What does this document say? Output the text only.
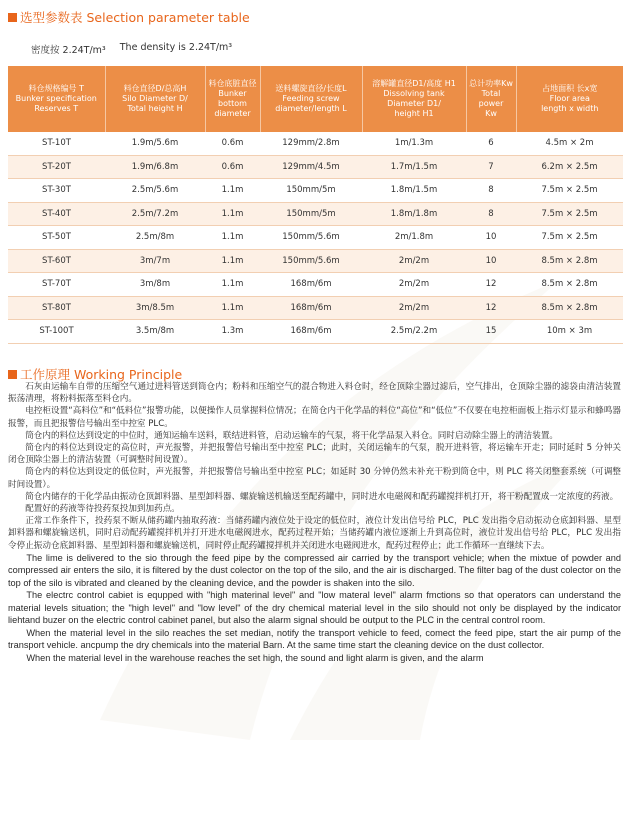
选型参数表 Selection parameter table
密度按 2.24T/m³ The density is 2.24T/m³
料仓规格编号 T
Bunker specification
Reserves T	料仓直径D/总高H
Silo Diameter D/
Total height H	料仓底脏直径
Bunker
bottom
diameter	送料螺旋直径/长度L
Feeding screw
diameter/length L	溶解罐直径D1/高度 H1
Dissolving tank
Diameter D1/
height H1	总计功率Kw
Total power
Kw	占地面积 长x宽
Floor area
length x width
ST-10T	1.9m/5.6m	0.6m	129mm/2.8m	1m/1.3m	6	4.5m × 2m
ST-20T	1.9m/6.8m	0.6m	129mm/4.5m	1.7m/1.5m	7	6.2m × 2.5m
ST-30T	2.5m/5.6m	1.1m	150mm/5m	1.8m/1.5m	8	7.5m × 2.5m
ST-40T	2.5m/7.2m	1.1m	150mm/5m	1.8m/1.8m	8	7.5m × 2.5m
ST-50T	2.5m/8m	1.1m	150mm/5.6m	2m/1.8m	10	7.5m × 2.5m
ST-60T	3m/7m	1.1m	150mm/5.6m	2m/2m	10	8.5m × 2.8m
ST-70T	3m/8m	1.1m	168m/6m	2m/2m	12	8.5m × 2.8m
ST-80T	3m/8.5m	1.1m	168m/6m	2m/2m	12	8.5m × 2.8m
ST-100T	3.5m/8m	1.3m	168m/6m	2.5m/2.2m	15	10m × 3m
工作原理 Working Principle

石灰由运输车自带的压缩空气通过进料管送到筒仓内；粉料和压缩空气的混合物进入料仓时，经仓顶除尘器过滤后，空气排出，仓顶除尘器的滤袋由清洁装置振荡清理，将粉料振落至料仓内。

电控柜设置“高料位”和“低料位”报警功能，以便操作人员掌握料位情况；在简仓内干化学品的料位“高位”和“低位”不仅要在电控柜面板上指示灯显示和蜂鸣器报警，而且把报警信号输出至中控室 PLC。

筒仓内的料位达到设定的中位时，通知运输车送料，联结进料管，启动运输车的气泵，将干化学品泵入料仓。同时启动除尘器上的清洁装置。

简仓内的料位达到设定的高位时，声光报警，并把报警信号输出至中控室 PLC；此时，关闭运输车的气泵，脱开进料管，将运输车开走；同时延时 5 分钟关闭仓顶除尘器上的清洁装置（可调整时间设置）。

筒仓内的料位达到设定的低位时，声光报警，并把报警信号输出至中控室 PLC；如延时 30 分钟仍然未补充干粉到筒仓中，则 PLC 将关闭整套系统（可调整时间设置）。

简仓内储存的干化学品由振动仓顶卸料器、星型卸料器、螺旋输送机输送至配药罐中，同时进水电磁阀和配药罐搅拌机打开，将干粉配置成一定浓度的药液。

配置好的药液等待投药泵投加到加药点。

正常工作条件下，投药泵不断从储药罐内抽取药液：当储药罐内液位处于设定的低位时，液位计发出信号给 PLC，PLC 发出指令启动振动仓底卸料器、星型卸料器和螺旋输送机，同时启动配药罐搅拌机并打开进水电磁阀进水，配药过程开始；当储药罐内液位逐渐上升到高位时，液位计发出信号给 PLC，PLC 发出指令停止振动仓底卸料器、星型卸料器和螺旋输送机，同时停止配药罐搅拌机并关闭进水电磁阀进水，配药过程停止；此工作循环一直继续下去。

The lime is delivered to the sio through the feed pipe by the compressed air carried by the transport vehicle; when the mixtue of powder and compressed air enters the silo, it is filtered by the dust colector on the top of the silo, and the air is discharged. The filter bag of the dust colector on the top of the silo is vibrated and cleaned by the cleaning device, and the powder is shaken into the silo.

The electrc control cabiet is equpped with "high materinal level" and "low materal level" alarm fmctions so that operators can understand the material levels situation; the "high level" and "low level" of the dry chemical material level in the silo should not only be displayed by the indicator liehtand buzer on the electric control cabinet panel, but also the alarm signal should be output to the PLC in the central control room.

When the material level in the silo reaches the set median, notify the transport vehicle to feed, comect the feed pipe, start the air pump of the transport vehicle. ancpump the dry chemicals into the material Barn. At the same time start the cleaning device on the dust collector.

When the material level in the warehouse reaches the set high, the sound and light alarm is given, and the alarm
